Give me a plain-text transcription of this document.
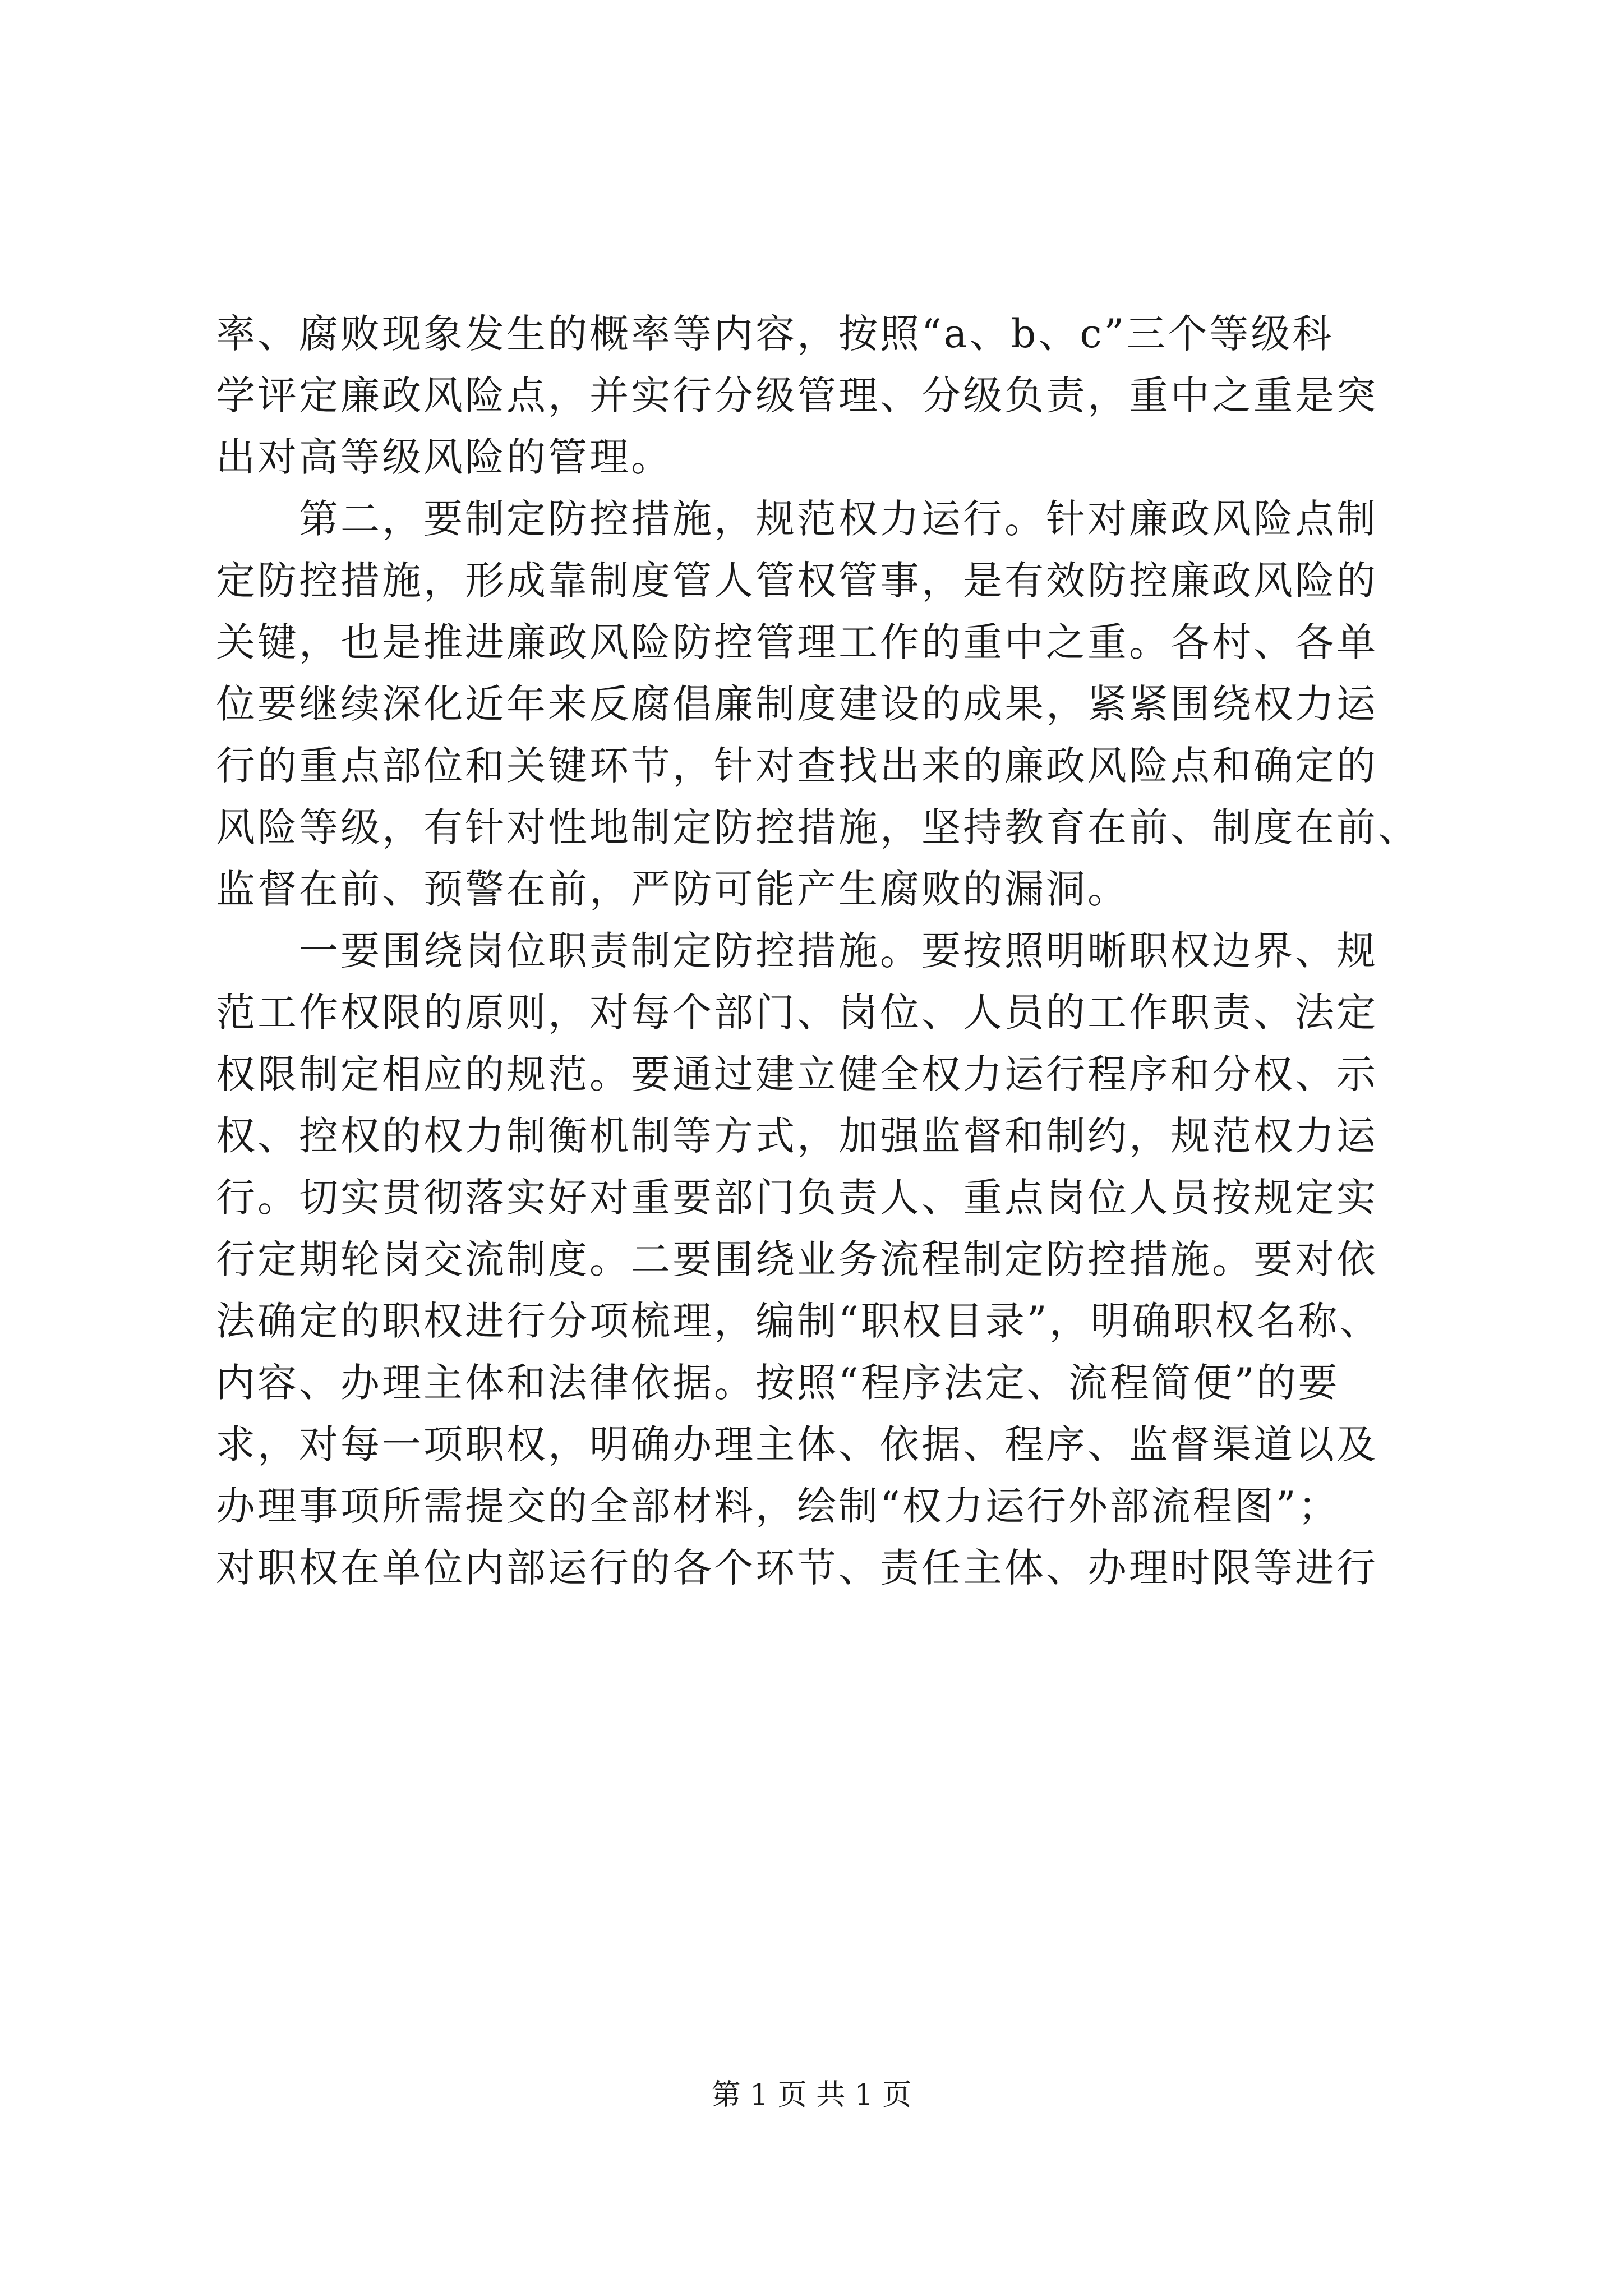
率、腐败现象发生的概率等内容，按照“a、b、c”三个等级科
学评定廉政风险点，并实行分级管理、分级负责，重中之重是突
出对高等级风险的管理。
　　第二，要制定防控措施，规范权力运行。针对廉政风险点制
定防控措施，形成靠制度管人管权管事，是有效防控廉政风险的
关键，也是推进廉政风险防控管理工作的重中之重。各村、各单
位要继续深化近年来反腐倡廉制度建设的成果，紧紧围绕权力运
行的重点部位和关键环节，针对查找出来的廉政风险点和确定的
风险等级，有针对性地制定防控措施，坚持教育在前、制度在前、
监督在前、预警在前，严防可能产生腐败的漏洞。
　　一要围绕岗位职责制定防控措施。要按照明晰职权边界、规
范工作权限的原则，对每个部门、岗位、人员的工作职责、法定
权限制定相应的规范。要通过建立健全权力运行程序和分权、示
权、控权的权力制衡机制等方式，加强监督和制约，规范权力运
行。切实贯彻落实好对重要部门负责人、重点岗位人员按规定实
行定期轮岗交流制度。二要围绕业务流程制定防控措施。要对依
法确定的职权进行分项梳理，编制“职权目录”，明确职权名称、
内容、办理主体和法律依据。按照“程序法定、流程简便”的要
求，对每一项职权，明确办理主体、依据、程序、监督渠道以及
办理事项所需提交的全部材料，绘制“权力运行外部流程图”；
对职权在单位内部运行的各个环节、责任主体、办理时限等进行
第 1 页 共 1 页
